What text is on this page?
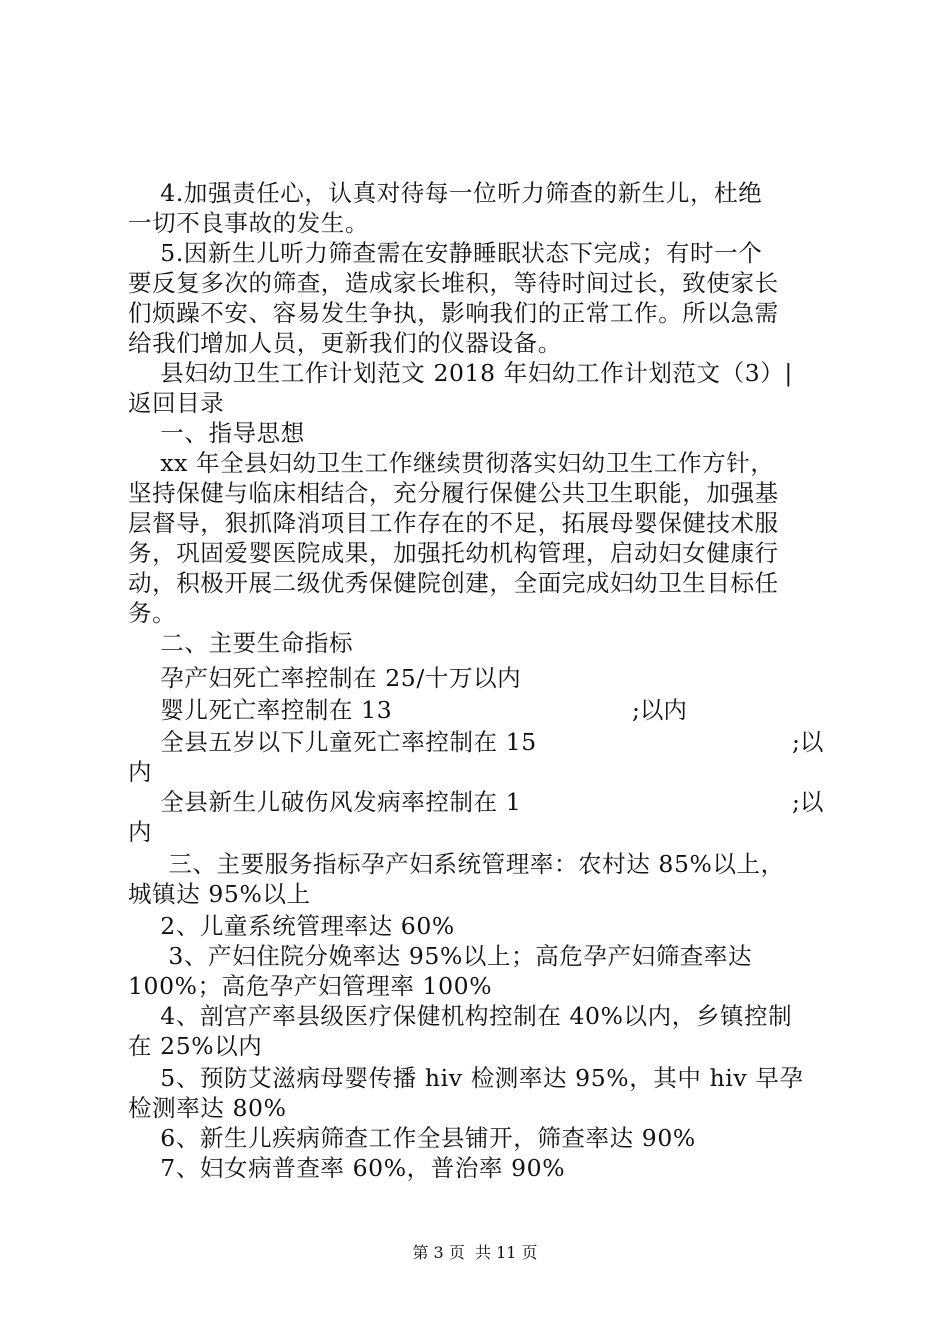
4.加强责任心，认真对待每一位听力筛查的新生儿，杜绝
一切不良事故的发生。
5.因新生儿听力筛查需在安静睡眠状态下完成；有时一个
要反复多次的筛查，造成家长堆积，等待时间过长，致使家长
们烦躁不安、容易发生争执，影响我们的正常工作。所以急需
给我们增加人员，更新我们的仪器设备。
县妇幼卫生工作计划范文 2018 年妇幼工作计划范文（3）|
返回目录
一、指导思想
xx 年全县妇幼卫生工作继续贯彻落实妇幼卫生工作方针，
坚持保健与临床相结合，充分履行保健公共卫生职能，加强基
层督导，狠抓降消项目工作存在的不足，拓展母婴保健技术服
务，巩固爱婴医院成果，加强托幼机构管理，启动妇女健康行
动，积极开展二级优秀保健院创建，全面完成妇幼卫生目标任
务。
二、主要生命指标
孕产妇死亡率控制在 25/十万以内
婴儿死亡率控制在 13	;以内
全县五岁以下儿童死亡率控制在 15	;以
内
全县新生儿破伤风发病率控制在 1	;以
内
三、主要服务指标孕产妇系统管理率：农村达 85%以上，
城镇达 95%以上
2、儿童系统管理率达 60%
3、产妇住院分娩率达 95%以上；高危孕产妇筛查率达
100%；高危孕产妇管理率 100%
4、剖宫产率县级医疗保健机构控制在 40%以内，乡镇控制
在 25%以内
5、预防艾滋病母婴传播 hiv 检测率达 95%，其中 hiv 早孕
检测率达 80%
6、新生儿疾病筛查工作全县铺开，筛查率达 90%
7、妇女病普查率 60%，普治率 90%
第 3 页  共 11 页
